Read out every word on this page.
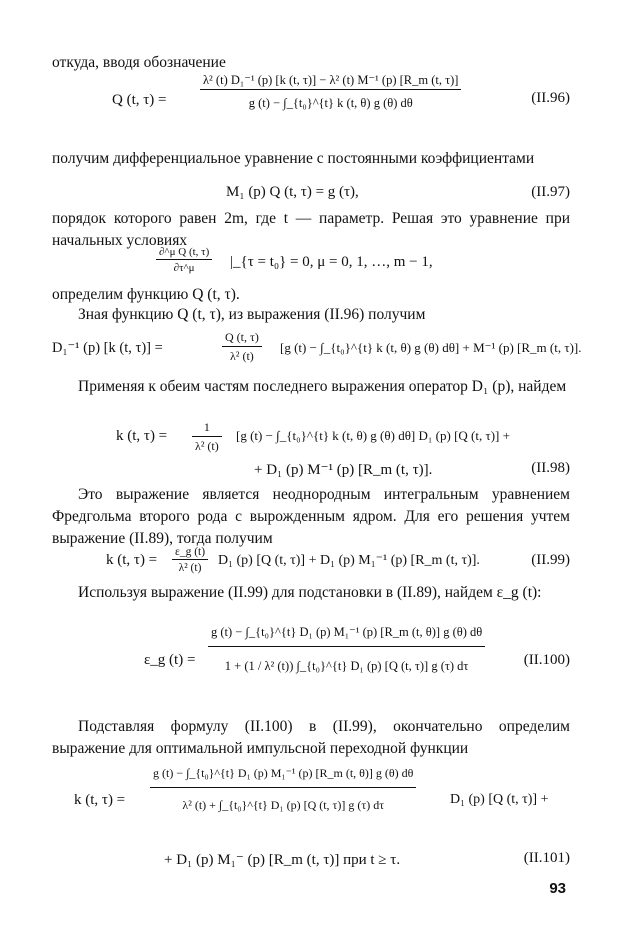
откуда, вводя обозначение

Q (t, τ) =	$\frac{\text{λ² (t) D₁⁻¹ (p) [k (t, τ)] − λ² (t) M⁻¹ (p) [R\_m (t, τ)]}}{\text{g (t) − ∫\_\{t₀\}\textasciicircum{}\{t\} k (t, θ) g (θ) dθ}}$	(II.96)

получим дифференциальное уравнение с постоянными коэффициентами

M₁ (p) Q (t, τ) = g (τ),	(II.97)

порядок которого равен 2m, где t — параметр. Решая это уравнение при начальных условиях

$\frac{\text{∂\textasciicircum{}μ Q (t, τ)}}{\partial\tau\^{}\mu}$ |_{τ = t₀} = 0, μ = 0, 1, …, m − 1,

определим функцию Q (t, τ).

Зная функцию Q (t, τ), из выражения (II.96) получим

D₁⁻¹ (p) [k (t, τ)] =	$\frac{Q (t, \tau)}{\text{λ² (t)}} [g$ (t) − ∫_{t₀}^{t} k (t, θ) g (θ) dθ] + M⁻¹ (p) [R_m (t, τ)].

Применяя к обеим частям последнего выражения оператор D₁ (p), найдем

k (t, $\tau) = \frac{1}{\text{λ² (t)}} [g$ (t) − ∫_{t₀}^{t} k (t, θ) g (θ) dθ] D₁ (p) [Q (t, τ)] +
+ D₁ (p) M⁻¹ (p) [R_m (t, τ)].	(II.98)

Это выражение является неоднородным интегральным уравнением Фредгольма второго рода с вырожденным ядром. Для его решения учтем выражение (II.89), тогда получим

k (t, $\tau) = \frac{\varepsilon\_g (t)}{\text{λ² (t)}} D_1$ (p) [Q (t, τ)] + D₁ (p) M₁⁻¹ (p) [R_m (t, τ)].	(II.99)

Используя выражение (II.99) для подстановки в (II.89), найдем ε_g (t):

ε_g $(t) = \frac{\text{g (t) − ∫\_\{t₀\}\textasciicircum{}\{t\} D₁ (p) M₁⁻¹ (p) [R\_m (t, θ)] g (θ) dθ}}{\text{1 + (1 / λ² (t)) ∫\_\{t₀\}\textasciicircum{}\{t\} D₁ (p) [Q (t, τ)] g (τ) dτ}}$	(II.100)

Подставляя формулу (II.100) в (II.99), окончательно определим выражение для оптимальной импульсной переходной функции

k (t, $\tau) = \frac{\text{g (t) − ∫\_\{t₀\}\textasciicircum{}\{t\} D₁ (p) M₁⁻¹ (p) [R\_m (t, θ)] g (θ) dθ}}{\text{λ² (t) + ∫\_\{t₀\}\textasciicircum{}\{t\} D₁ (p) [Q (t, τ)] g (τ) dτ}} D_1$ (p) [Q (t, τ)] +
+ D₁ (p) M₁⁻ (p) [R_m (t, τ)] при t ≥ τ.	(II.101)
93
